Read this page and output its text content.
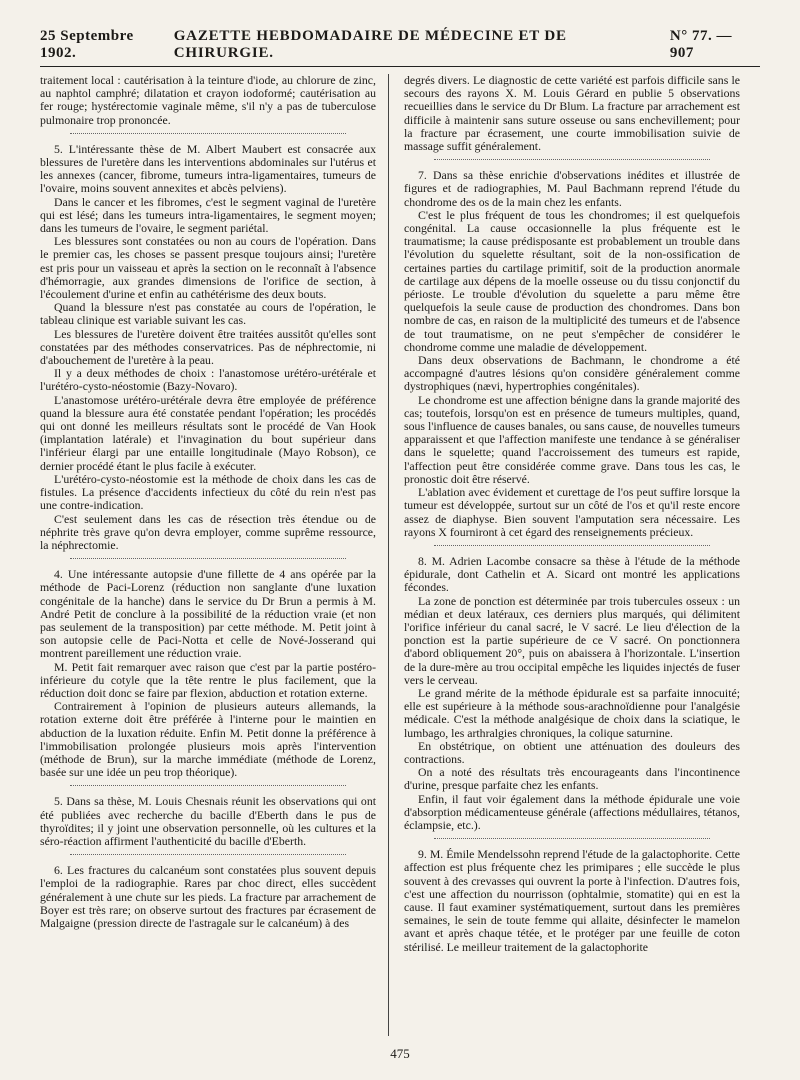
25 Septembre 1902.
GAZETTE HEBDOMADAIRE DE MÉDECINE ET DE CHIRURGIE.
N° 77. — 907

traitement local : cautérisation à la teinture d'iode, au chlorure de zinc, au naphtol camphré; dilatation et crayon iodoformé; cautérisation au fer rouge; hystérectomie vaginale même, s'il n'y a pas de tuberculose pulmonaire trop prononcée.

5. L'intéressante thèse de M. Albert Maubert est consacrée aux blessures de l'uretère dans les interventions abdominales sur l'utérus et les annexes (cancer, fibrome, tumeurs intra-ligamentaires, tumeurs de l'ovaire, moins souvent annexites et abcès pelviens).

Dans le cancer et les fibromes, c'est le segment vaginal de l'uretère qui est lésé; dans les tumeurs intra-ligamentaires, le segment moyen; dans les tumeurs de l'ovaire, le segment pariétal.

Les blessures sont constatées ou non au cours de l'opération. Dans le premier cas, les choses se passent presque toujours ainsi; l'uretère est pris pour un vaisseau et après la section on le reconnaît à l'absence d'hémorragie, aux grandes dimensions de l'orifice de section, à l'écoulement d'urine et enfin au cathétérisme des deux bouts.

Quand la blessure n'est pas constatée au cours de l'opération, le tableau clinique est variable suivant les cas.

Les blessures de l'uretère doivent être traitées aussitôt qu'elles sont constatées par des méthodes conservatrices. Pas de néphrectomie, ni d'abouchement de l'uretère à la peau.

Il y a deux méthodes de choix : l'anastomose urétéro-urétérale et l'urétéro-cysto-néostomie (Bazy-Novaro).

L'anastomose urétéro-urétérale devra être employée de préférence quand la blessure aura été constatée pendant l'opération; les procédés qui ont donné les meilleurs résultats sont le procédé de Van Hook (implantation latérale) et l'invagination du bout supérieur dans l'inférieur élargi par une entaille longitudinale (Mayo Robson), ce dernier procédé étant le plus facile à exécuter.

L'urétéro-cysto-néostomie est la méthode de choix dans les cas de fistules. La présence d'accidents infectieux du côté du rein n'est pas une contre-indication.

C'est seulement dans les cas de résection très étendue ou de néphrite très grave qu'on devra employer, comme suprême ressource, la néphrectomie.

4. Une intéressante autopsie d'une fillette de 4 ans opérée par la méthode de Paci-Lorenz (réduction non sanglante d'une luxation congénitale de la hanche) dans le service du Dr Brun a permis à M. André Petit de conclure à la possibilité de la réduction vraie (et non pas seulement de la transposition) par cette méthode. M. Petit joint à son autopsie celle de Paci-Notta et celle de Nové-Josserand qui montrent pareillement une réduction vraie.

M. Petit fait remarquer avec raison que c'est par la partie postéro-inférieure du cotyle que la tête rentre le plus facilement, que la réduction doit donc se faire par flexion, abduction et rotation externe.

Contrairement à l'opinion de plusieurs auteurs allemands, la rotation externe doit être préférée à l'interne pour le maintien en abduction de la luxation réduite. Enfin M. Petit donne la préférence à l'immobilisation prolongée plusieurs mois après l'intervention (méthode de Brun), sur la marche immédiate (méthode de Lorenz, basée sur une idée un peu trop théorique).

5. Dans sa thèse, M. Louis Chesnais réunit les observations qui ont été publiées avec recherche du bacille d'Eberth dans le pus de thyroïdites; il y joint une observation personnelle, où les cultures et la séro-réaction affirment l'authenticité du bacille d'Eberth.

6. Les fractures du calcanéum sont constatées plus souvent depuis l'emploi de la radiographie. Rares par choc direct, elles succèdent généralement à une chute sur les pieds. La fracture par arrachement de Boyer est très rare; on observe surtout des fractures par écrasement de Malgaigne (pression directe de l'astragale sur le calcanéum) à des

degrés divers. Le diagnostic de cette variété est parfois difficile sans le secours des rayons X. M. Louis Gérard en publie 5 observations recueillies dans le service du Dr Blum. La fracture par arrachement est difficile à maintenir sans suture osseuse ou sans enchevillement; pour la fracture par écrasement, une courte immobilisation suivie de massage suffit généralement.

7. Dans sa thèse enrichie d'observations inédites et illustrée de figures et de radiographies, M. Paul Bachmann reprend l'étude du chondrome des os de la main chez les enfants.

C'est le plus fréquent de tous les chondromes; il est quelquefois congénital. La cause occasionnelle la plus fréquente est le traumatisme; la cause prédisposante est probablement un trouble dans l'évolution du squelette résultant, soit de la non-ossification de certaines parties du cartilage primitif, soit de la production anormale de cartilage aux dépens de la moelle osseuse ou du tissu conjonctif du périoste. Le trouble d'évolution du squelette a paru même être quelquefois la seule cause de production des chondromes. Dans bon nombre de cas, en raison de la multiplicité des tumeurs et de l'absence de tout traumatisme, on ne peut s'empêcher de considérer le chondrome comme une maladie de développement.

Dans deux observations de Bachmann, le chondrome a été accompagné d'autres lésions qu'on considère généralement comme dystrophiques (nævi, hypertrophies congénitales).

Le chondrome est une affection bénigne dans la grande majorité des cas; toutefois, lorsqu'on est en présence de tumeurs multiples, quand, sous l'influence de causes banales, ou sans cause, de nouvelles tumeurs apparaissent et que l'affection manifeste une tendance à se généraliser dans le squelette; quand l'accroissement des tumeurs est rapide, l'affection peut être considérée comme grave. Dans tous les cas, le pronostic doit être réservé.

L'ablation avec évidement et curettage de l'os peut suffire lorsque la tumeur est développée, surtout sur un côté de l'os et qu'il reste encore assez de diaphyse. Bien souvent l'amputation sera nécessaire. Les rayons X fourniront à cet égard des renseignements précieux.

8. M. Adrien Lacombe consacre sa thèse à l'étude de la méthode épidurale, dont Cathelin et A. Sicard ont montré les applications fécondes.

La zone de ponction est déterminée par trois tubercules osseux : un médian et deux latéraux, ces derniers plus marqués, qui délimitent l'orifice inférieur du canal sacré, le V sacré. Le lieu d'élection de la ponction est la partie supérieure de ce V sacré. On ponctionnera d'abord obliquement 20°, puis on abaissera à l'horizontale. L'insertion de la dure-mère au trou occipital empêche les liquides injectés de fuser vers le cerveau.

Le grand mérite de la méthode épidurale est sa parfaite innocuité; elle est supérieure à la méthode sous-arachnoïdienne pour l'analgésie médicale. C'est la méthode analgésique de choix dans la sciatique, le lumbago, les arthralgies chroniques, la colique saturnine.

En obstétrique, on obtient une atténuation des douleurs des contractions.

On a noté des résultats très encourageants dans l'incontinence d'urine, presque parfaite chez les enfants.

Enfin, il faut voir également dans la méthode épidurale une voie d'absorption médicamenteuse générale (affections médullaires, tétanos, éclampsie, etc.).

9. M. Émile Mendelssohn reprend l'étude de la galactophorite. Cette affection est plus fréquente chez les primipares ; elle succède le plus souvent à des crevasses qui ouvrent la porte à l'infection. D'autres fois, c'est une affection du nourrisson (ophtalmie, stomatite) qui en est la cause. Il faut examiner systématiquement, surtout dans les premières semaines, le sein de toute femme qui allaite, désinfecter le mamelon avant et après chaque tétée, et le protéger par une feuille de coton stérilisé. Le meilleur traitement de la galactophorite

475
